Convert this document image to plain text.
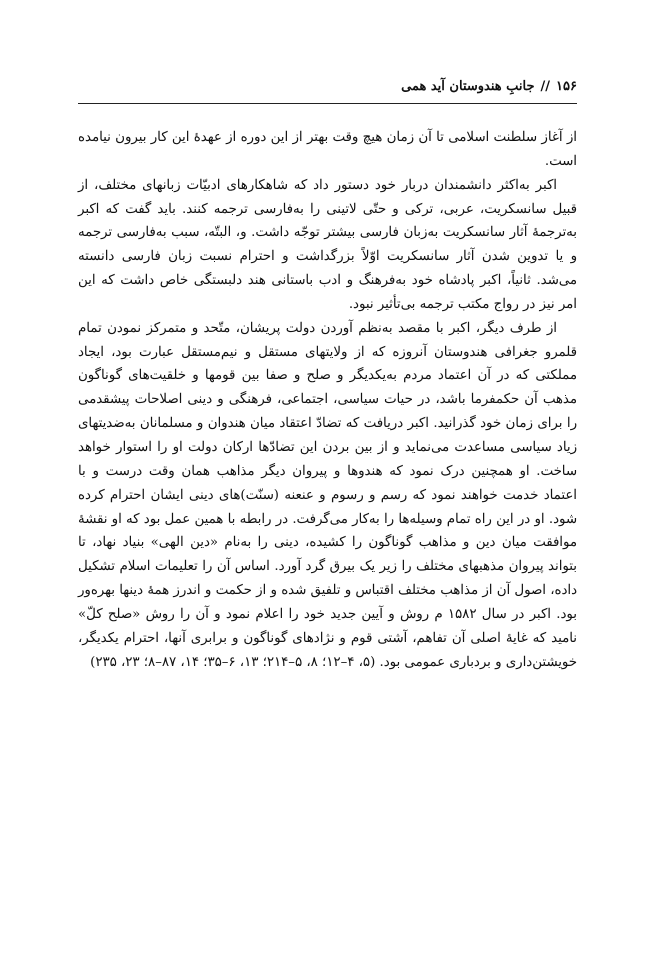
۱۵۶
//
جانبِ هندوستان آید همی

از آغاز سلطنت اسلامی تا آن زمان هیچ وقت بهتر از این دوره از عهدهٔ این کار بیرون نیامده است.

اکبر به‌اکثر دانشمندان دربار خود دستور داد که شاهکارهای ادبیّات زبانهای مختلف، از قبیل سانسکریت، عربی، ترکی و حتّی لاتینی را به‌فارسی ترجمه کنند. باید گفت که اکبر به‌ترجمهٔ آثار سانسکریت به‌زبان فارسی بیشتر توجّه داشت. و، البتّه، سبب به‌فارسی ترجمه و یا تدوین شدن آثار سانسکریت اوّلاً بزرگداشت و احترام نسبت زبان فارسی دانسته می‌شد. ثانیاً، اکبر پادشاه خود به‌فرهنگ و ادب باستانی هند دلبستگی خاص داشت که این امر نیز در رواج مکتب ترجمه بی‌تأثیر نبود.

از طرف دیگر، اکبر با مقصد به‌نظم آوردن دولت پریشان، متّحد و متمرکز نمودن تمام قلمرو جغرافی هندوستان آنروزه که از ولایتهای مستقل و نیم‌مستقل عبارت بود، ایجاد مملکتی که در آن اعتماد مردم به‌یکدیگر و صلح و صفا بین قومها و خلقیت‌های گوناگون مذهب آن حکمفرما باشد، در حیات سیاسی، اجتماعی، فرهنگی و دینی اصلاحات پیشقدمی را برای زمان خود گذرانید. اکبر دریافت که تضادّ اعتقاد میان هندوان و مسلمانان به‌ضدیتهای زیاد سیاسی مساعدت می‌نماید و از بین بردن این تضادّها ارکان دولت او را استوار خواهد ساخت. او همچنین درک نمود که هندوها و پیروان دیگر مذاهب همان وقت درست و با اعتماد خدمت خواهند نمود که رسم و رسوم و عنعنه (سنّت)های دینی ایشان احترام کرده شود. او در این راه تمام وسیله‌ها را به‌کار می‌گرفت. در رابطه با همین عمل بود که او نقشهٔ موافقت میان دین و مذاهب گوناگون را کشیده، دینی را به‌نام «دین الهی» بنیاد نهاد، تا بتواند پیروان مذهبهای مختلف را زیر یک بیرق گرد آورد. اساس آن را تعلیمات اسلام تشکیل داده، اصول آن از مذاهب مختلف اقتباس و تلفیق شده و از حکمت و اندرز همهٔ دینها بهره‌ور بود. اکبر در سال ۱۵۸۲ م روش و آیین جدید خود را اعلام نمود و آن را روش «صلح کلّ» نامید که غایهٔ اصلی آن تفاهم، آشتی قوم و نژادهای گوناگون و برابری آنها، احترام یکدیگر، خویشتن‌داری و بردباری عمومی بود. (۵، ۴–۱۲؛ ۸، ۵–۲۱۴؛ ۱۳، ۶–۳۵؛ ۱۴، ۸۷–۸؛ ۲۳، ۲۳۵)
